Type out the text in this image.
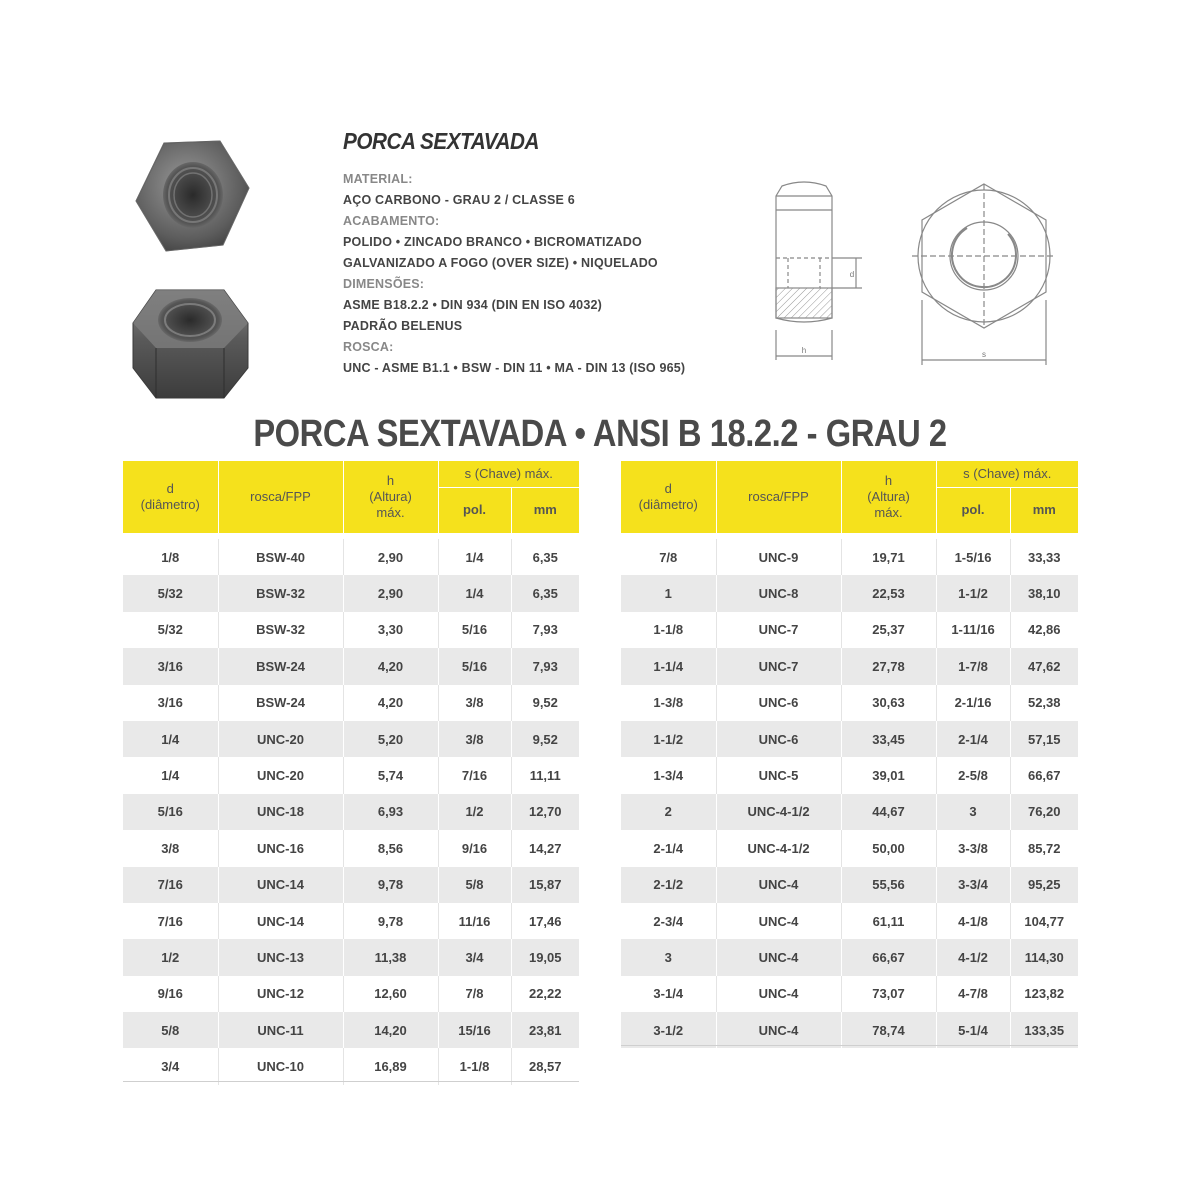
PORCA SEXTAVADA
MATERIAL:
AÇO CARBONO - GRAU 2 / CLASSE 6
ACABAMENTO:
POLIDO • ZINCADO BRANCO • BICROMATIZADO
GALVANIZADO A FOGO (OVER SIZE) • NIQUELADO
DIMENSÕES:
ASME B18.2.2 • DIN 934 (DIN EN ISO 4032)
PADRÃO BELENUS
ROSCA:
UNC - ASME B1.1 • BSW - DIN 11 • MA - DIN 13 (ISO 965)
h
d
s
PORCA SEXTAVADA • ANSI B 18.2.2 - GRAU 2
d
(diâmetro)	rosca/FPP	h
(Altura)
máx.	s (Chave) máx.	
			pol.	mm

1/8	BSW-40	2,90	1/4	6,35
5/32	BSW-32	2,90	1/4	6,35
5/32	BSW-32	3,30	5/16	7,93
3/16	BSW-24	4,20	5/16	7,93
3/16	BSW-24	4,20	3/8	9,52
1/4	UNC-20	5,20	3/8	9,52
1/4	UNC-20	5,74	7/16	11,11
5/16	UNC-18	6,93	1/2	12,70
3/8	UNC-16	8,56	9/16	14,27
7/16	UNC-14	9,78	5/8	15,87
7/16	UNC-14	9,78	11/16	17,46
1/2	UNC-13	11,38	3/4	19,05
9/16	UNC-12	12,60	7/8	22,22
5/8	UNC-11	14,20	15/16	23,81
3/4	UNC-10	16,89	1-1/8	28,57
d
(diâmetro)	rosca/FPP	h
(Altura)
máx.	s (Chave) máx.	
			pol.	mm

7/8	UNC-9	19,71	1-5/16	33,33
1	UNC-8	22,53	1-1/2	38,10
1-1/8	UNC-7	25,37	1-11/16	42,86
1-1/4	UNC-7	27,78	1-7/8	47,62
1-3/8	UNC-6	30,63	2-1/16	52,38
1-1/2	UNC-6	33,45	2-1/4	57,15
1-3/4	UNC-5	39,01	2-5/8	66,67
2	UNC-4-1/2	44,67	3	76,20
2-1/4	UNC-4-1/2	50,00	3-3/8	85,72
2-1/2	UNC-4	55,56	3-3/4	95,25
2-3/4	UNC-4	61,11	4-1/8	104,77
3	UNC-4	66,67	4-1/2	114,30
3-1/4	UNC-4	73,07	4-7/8	123,82
3-1/2	UNC-4	78,74	5-1/4	133,35
